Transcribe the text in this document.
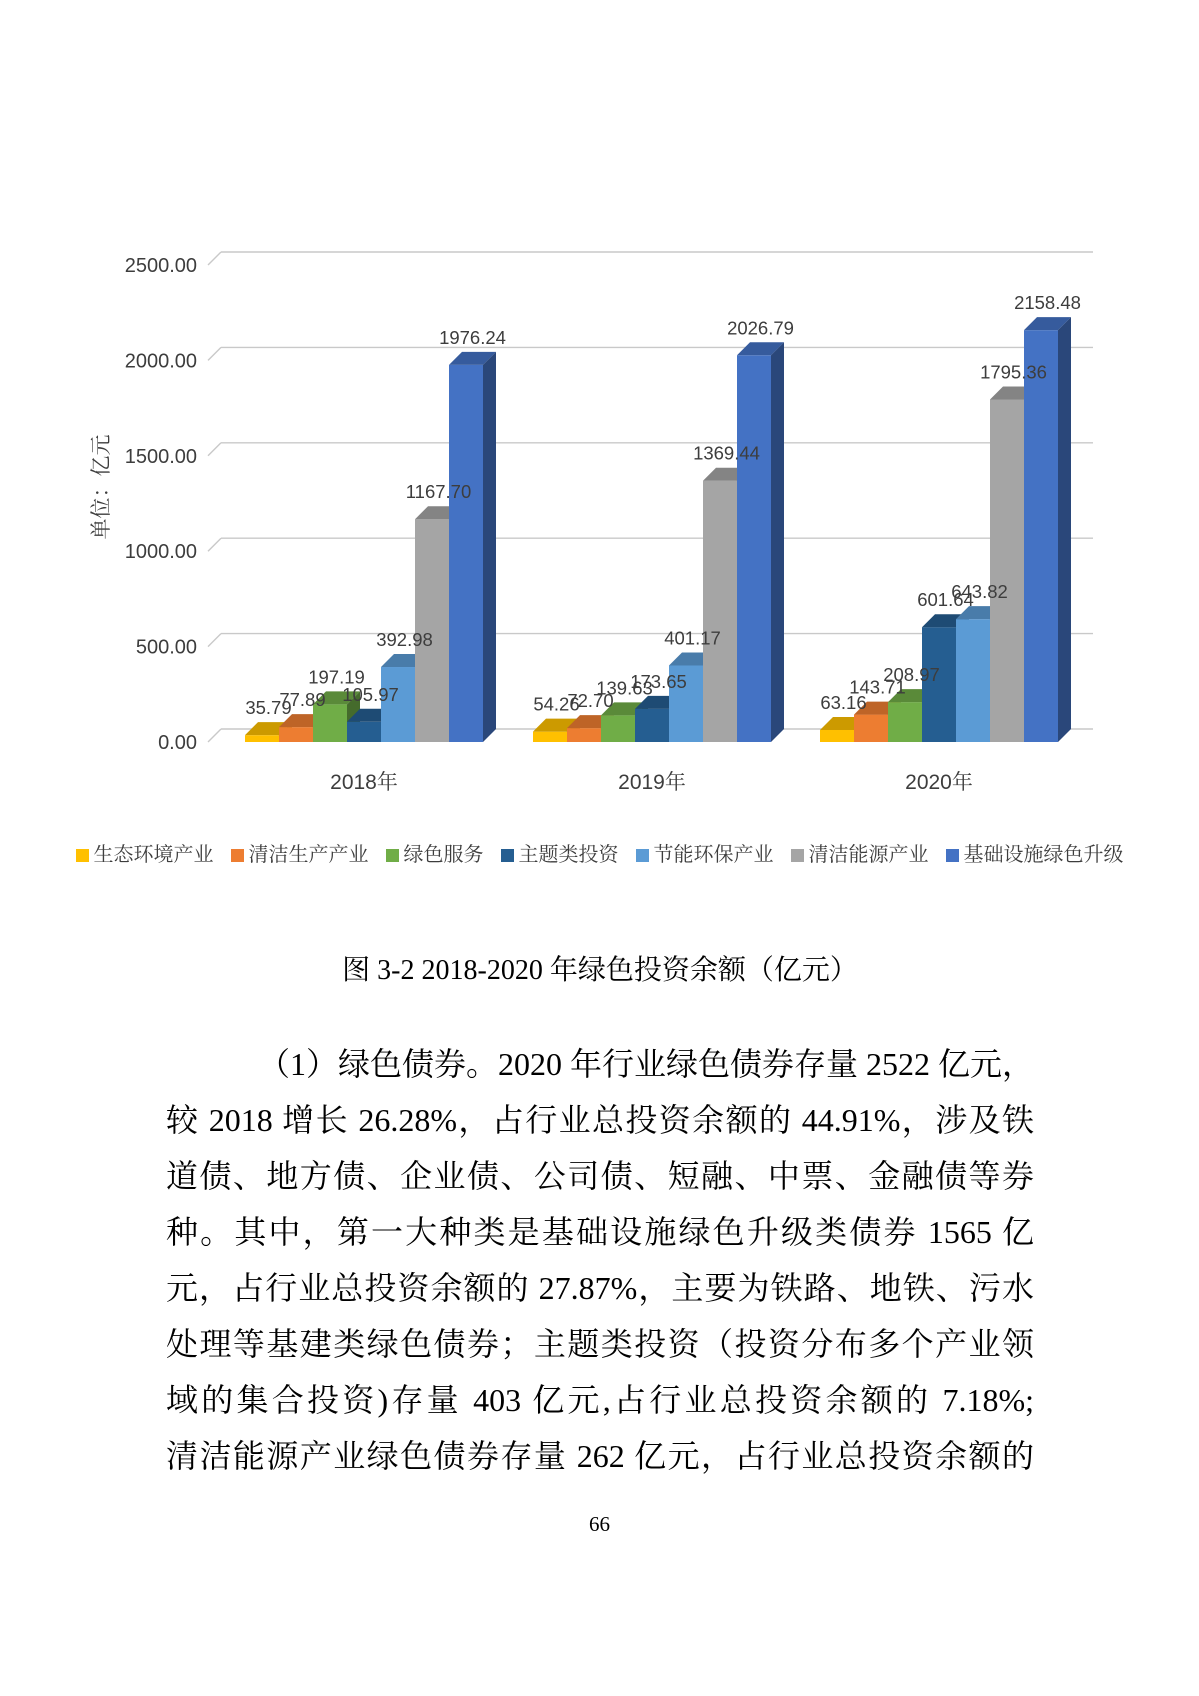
0.00
500.00
1000.00
1500.00
2000.00
2500.00
单位：亿元
2018年	2019年	2020年
35.79
77.89
197.19
105.97
392.98
1167.70
1976.24
54.26
72.70
139.63
173.65
401.17
1369.44
2026.79
63.16
143.71
208.97
601.64
643.82
1795.36
2158.48
生态环境产业 清洁生产产业 绿色服务 主题类投资 节能环保产业 清洁能源产业 基础设施绿色升级
图 3-2 2018-2020 年绿色投资余额（亿元）
（1）绿色债券。2020 年行业绿色债券存量 2522 亿元，
较 2018 增长 26.28%，占行业总投资余额的 44.91%，涉及铁
道债、地方债、企业债、公司债、短融、中票、金融债等券
种。其中，第一大种类是基础设施绿色升级类债券 1565 亿
元，占行业总投资余额的 27.87%，主要为铁路、地铁、污水
处理等基建类绿色债券；主题类投资（投资分布多个产业领
域的集合投资)存量 403 亿元,占行业总投资余额的 7.18%;
清洁能源产业绿色债券存量 262 亿元，占行业总投资余额的
66
